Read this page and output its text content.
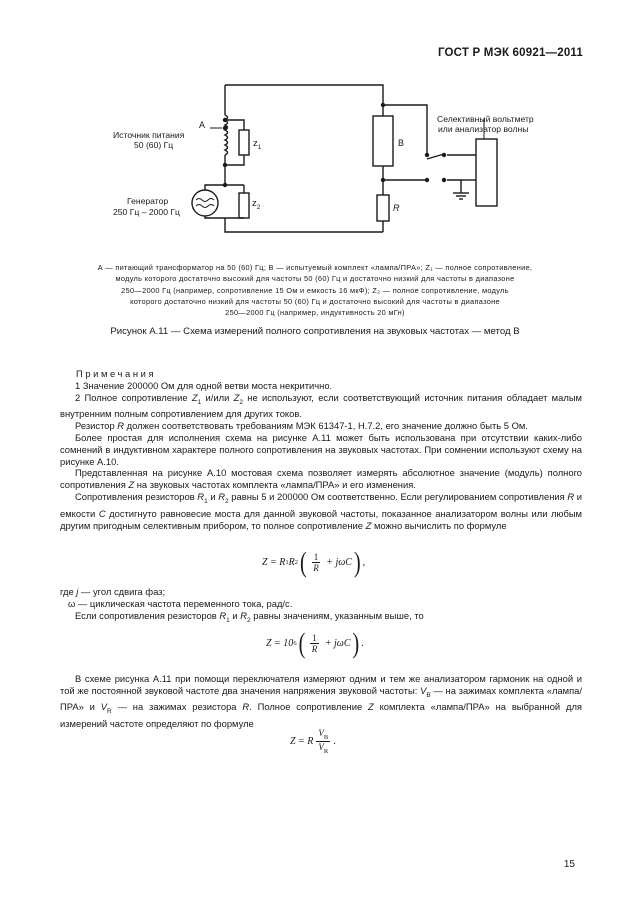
ГОСТ Р МЭК 60921—2011
А
$z_1$
$z_2$
B
R
Источник питания
50 (60) Гц
Генератор
250 Гц – 2000 Гц
Селективный вольтметр
или анализатор волны
А — питающий трансформатор на 50 (60) Гц; В — испытуемый комплект «лампа/ПРА»; Z₁ — полное сопротивление,
модуль которого достаточно высокий для частоты 50 (60) Гц и достаточно низкий для частоты в диапазоне
250—2000 Гц (например, сопротивление 15 Ом и емкость 16 мкФ); Z₂ — полное сопротивление, модуль
которого достаточно низкий для частоты 50 (60) Гц и достаточно высокий для частоты в диапазоне
250—2000 Гц (например, индуктивность 20 мГн)
Рисунок А.11 — Схема измерений полного сопротивления на звуковых частотах — метод В
Примечания

1 Значение 200000 Ом для одной ветви моста некритично.

2 Полное сопротивление $Z_1$ и/или $Z_2$ не используют, если соответствующий источник питания обладает малым внутренним полным сопротивлением для других токов.

Резистор R должен соответствовать требованиям МЭК 61347-1, Н.7.2, его значение должно быть 5 Ом.

Более простая для исполнения схема на рисунке А.11 может быть использована при отсутствии каких-либо сомнений в индуктивном характере полного сопротивления на звуковых частотах. При сомнении используют схему на рисунке А.10.

Представленная на рисунке А.10 мостовая схема позволяет измерять абсолютное значение (модуль) полного сопротивления Z на звуковых частотах комплекта «лампа/ПРА» и его изменения.

Сопротивления резисторов $R_1$ и $R_2$ равны 5 и 200000 Ом соответственно. Если регулированием сопротивления R и емкости C достигнуто равновесие моста для данной звуковой частоты, показанное анализатором волны или любым другим пригодным селективным прибором, то полное сопротивление Z можно вычислить по формуле

Z = R 1 R 2 ( $\frac{1}{R} + j\omega C$ ) ,

где j — угол сдвига фаз;

ω — циклическая частота переменного тока, рад/с.

Если сопротивления резисторов $R_1$ и $R_2$ равны значениям, указанным выше, то

Z = 10 6 ( $\frac{1}{R} + j\omega C$ ) .

В схеме рисунка А.11 при помощи переключателя измеряют одним и тем же анализатором гармоник на одной и той же постоянной звуковой частоте два значения напряжения звуковой частоты: $V_B$ — на зажимах комплекта «лампа/ПРА» и $V_R$ — на зажимах резистора R. Полное сопротивление Z комплекта «лампа/ПРА» на выбранной для измерений частоте определяют по формуле

Z = R $\frac{V_B}{V_R}$ .
15
